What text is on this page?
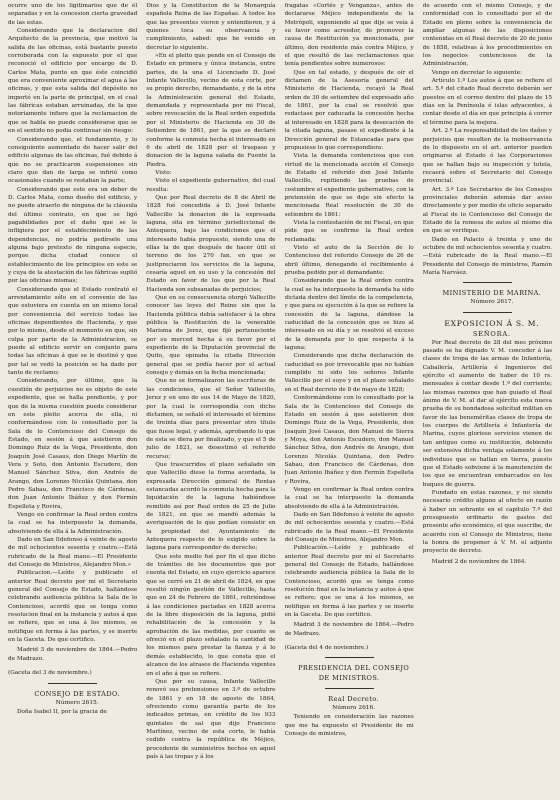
ocurre uno de los ligitimarios que de él separadas y en la concesion cierta gravedad de las estas.

Considerando que la declaracion del Arquitecto de la provincia, que motivó la salida de las oficinas, está bastante puesto corroborada con la expuesto por el que reconoció el edificio por encargo de D. Carlos Mata, punto en que éste coincidió que era conveniente aproximar el agua á las oficinas, y que esta salida del depósito no importó en la parte de principal, en el cual las fábricas estaban arruinadas, de la que notoriamente infiere que la reclamacion de que se habla no puede considerarse que se en el sentido no podia continuar sin riesgo:

Considerando que, el fundamento, y lo consiguiente aumentado de hacer salir del edificio algunas de las oficinas, fué debido á que no se practicaron suspensiones sin claro que dan de larga se infirió como ocasionales cuando se restaban la parte;

Considerando que este era un deber de D. Carlos Mata, como dueño del edificio, y no puede atraerlo de ninguna de la cláusula del último contrato, en que se ligó pagabilidades por el daño que se le infligiera por el establecimiento de las dependencias, no podría pedírsele una alguna bajo pretexto de ninguna especie, porque dicha ciudad conoce el establecimiento de los principios en este se y cuya de la atestación de las fábricas suplió por las oficinas mismas;

Considerando que el Estado contrató el arrendamiento sólo en el convenio de las que estuviera en cuenta en un mismo local por conveniencia del servicio todas las oficinas dependientes de Hacienda, y que por lo mismo, desde el momento en que, sin culpa por parte de la Administracion, se puede al edificio servir en conjunto para todas las oficinas á que se le destinó y que por tal se vedó la posición se ha dado por tanto de reclamo;

Considerando, por último, que la cuestión de perjuicios no es objeto de este expediente, que se halla pendiente, y por que de la misma cuestión puede considerar en este pleito acerca de ella, ni conformándose con lo consultado por la Sala de lo Contencioso del Consejo de Estado, en sesión á que asistieron don Domingo Ruiz de la Vega, Presidente, don Joaquín José Casaus, don Diego Martín de Vera y Soto, don Antonio Escudero, don Manuel Sánchez Silva, don Andrés de Arango, don Lorenzo Nicolás Quintana, don Pedro Sabau, don Francisco de Cárdenas, don Juan Antonio Ibáñez y don Fermín Espelleta y Rovira,

Vengo en confirmar la Real orden contra la cual se ha interpuesto la demanda, absolviendo de ella á la Administración.

Dado en San Ildefonso á veinte de agosto de mil ochocientos sesenta y cuatro.—Está rubricado de la Real mano.—El Presidente del Consejo de Ministros, Alejandro Mon.»

Publicacion.—Leído y publicado el anterior Real decreto por mí el Secretario general del Consejo de Estado, hallándose celebrando audiencia pública la Sala de lo Contencioso, acordó que se tenga como resolucion final en la instancia y autos á que se refiere, que se una á los mismos, se notifique en forma á las partes, y se inserte en la Gaceta. De que certifico.

Madrid 3 de noviembre de 1864.—Pedro de Madrazo.

(Gaceta del 3 de noviembre.)

CONSEJO DE ESTADO.

Número 2615.

Doña Isabel II, por la gracia de

Dios y la Constitucion de la Monarquía española Reina de las Españas. A todos los que las presentes vieren y entendieren, y á quienes toca su observancia y cumplimiento, sabed: que he venido en decretar lo siguiente.

«En el pleito que pende en el Consejo de Estado en primera y única instancia, entre partes, de la una el Licenciado D. José Infante Vallecillo, vecino de esta corte, por su propio derecho, demandante, y de la otra la Administración general del Estado, demandada y representada por mi Fiscal, sobre revocación de la Real orden expedida por el Ministerio de Hacienda en 30 de Setiembre de 1861, por la que se declaró conforme la conmuta hecha el interesado en 6 de abril de 1828 por el traspaso y donacion de la laguna salada de Fuente la Piedra.

Visto:

Visto el expediente gubernativo, del cual resulta:

Que por Real decreto de 8 de Abril de 1828 fué concedida á D. José Infante Vallecillo la donacion de la expresada laguna, sita en término jurisdiccional de Antequera, bajo las condiciones que el interesado había propuesto, siendo una de ellas la de que después de hacer útil el terreno de los 270 fan. en que se justipreciaron los servicios de la laguna, cesaría aquel en su uso y la concesión del Estado en favor de los que por la Real Hacienda son subsanadas de perjuicios;

Que en su consecuencia otorgó Vallecillo conocer las leyes del Reino sin que la Hacienda pública debía satisfacer á la obra pública la Restitución de la venerable Marisma de Jerez, que fijó perteneciente por su merced hecha á su favor por el expediente de la Diputación provincial de Quito, que opinaba la citada Dirección general que se podía hacer por el actual consejo y demás en la fecha mencionada;

Que no se formalizaron las escrituras de las condiciones, que el Señor Vallecillo, Jerez y en uno de sus 14 de Mayo de 1820, por la cual le correspondía con dicho dictamen, se señaló el interesado el término de treinta días para presentar otro título que fuese legal, y además, aprobando lo que de esta se diera por finalizado, y que el 5 de julio de 1821, se desestimó el referido recurso;

Que trascurridos el plazo señalado sin que Vallecillo diese la forma acordada, la expresada Dirección general de Rentas estancadas acordó la conmuta hecha para la liquidación de la laguna habiéndose remitido así por Real orden de 25 de Julio de 1821, en que se mandó además la averiguación de lo que podían consistir en la propiedad del Ayuntamiento de Antequera respecto de lo exigido sobre la laguna para corresponder de derecho;

Que este medio fué por fin el que dicho de trámites de los documentos que por cuenta del Estado, en cuyo ejercicio aparece que se cerró en 21 de abril de 1824, en que resultó ningún gestión de Vallecillo, hasta que en 24 de Febrero de 1861, refiriéndose á las condiciones pactadas en 1828 acerca de la libre disposición de la laguna, pidió rehabilitación de la concesión y la aprobación de las medidas, por cuanto se ofreció en el plazo señalado la cantidad de los mismos para prestar la fianza y á lo demás establecido, lo que consta que el alcance de los atrasos de Hacienda vigentes en el año á que se refiere.

Que por su causa, Infante Vallecillo renovó sus pretensiones en 3.º de octubre de 1861 y en 18 de agosto de 1864, ofreciendo como garantía parte de los indicados primas, en crédito de los 933 quintales de sal que dijo Francisco Martínez, vecino de esta corte, le había cedido contra la república de Méjico, procedente de suministros hechos en aquel país á las tropas y á los

fragatas «Cortés y Venganza», antes de declararse Méjico independiente de la Metrópoli, exponiendo al que dije se veía á su favor como acreedor, de promover la causa de Restitución ya mencionada, por último, don residente más contra Méjico, y el que resultó de las reclamaciones que tenía pendientes sobre numerosos:

Que en tal estado, y después de oír el dictamen de la Asesoría general del Ministerio de Hacienda, recayó la Real orden de 30 de setiembre del expresado año de 1861, por la cual se resolvió que redactase por caducada la concesión hecha al interesado en 1828 para la desecación de la citada laguna, pasase el expediente á la Dirección general de Estancadas para que propusiese lo que correspondiera:

Vista la demanda contenciosa que con virtud de la mencionada acción el Consejo de Estado el referido don José Infante Vallecillo, repitiendo las pruebas de costumbre el expediente gubernativo, con la pretensión de que se deje sin efecto la mencionada Real resolución de 30 de setiembre de 1861:

Vista la contestación de mi Fiscal, en que pide que se confirme la Real orden reclamada:

Visto el auto de la Sección de lo Contencioso del referido Consejo de 26 de abril último, denegando el recibimiento á prueba pedido por el demandante:

Considerando que la Real orden contra la cual se ha interpuesto la demanda ha sido dictada dentro del límite de la competencia, y que para su ejecución á la que se refiere la concesión de la laguna, dándose la caducidad de la concesión que se hizo al interesado en su día y se resolvió el exceso de la demanda por lo que respecta á la laguna;

Considerando que dicha declaración de caducidad es por irrevocable que no habían cumplido ni sido los señores Infante Vallecillo por el suyo y en el plazo señalado en el Real decreto de 8 de mayo de 1828;

Conformándome con lo consultado por la Sala de lo Contencioso del Consejo de Estado en sesión á que asistieron don Domingo Ruiz de la Vega, Presidente, don Joaquín José Casaus, don Manuel de Sierra y Moya, don Antonio Escudero, don Manuel Sánchez Silva, don Andrés de Arango, don Lorenzo Nicolás Quintana, don Pedro Sabau, don Francisco de Cárdenas, don Juan Antonio Ibáñez y don Fermín Espelleta y Rovira,

Vengo en confirmar la Real orden contra la cual se ha interpuesto la demanda absolviendo de ella á la Administración.

Dado en San Ildefonso á veinte de agosto de mil ochocientos sesenta y cuatro.—Está rubricado de la Real mano.—El Presidente del Consejo de Ministros, Alejandro Mon.

Publicación.—Leído y publicado el anterior Real decreto por mí el Secretario general del Consejo de Estado, hallándose celebrando audiencia pública la Sala de lo Contencioso, acordó que se tenga como resolución final en la instancia y autos á que se refiere; que se una á los mismos, se notifique en forma á las partes y se inserte en la Gaceta. De que certifico.

Madrid 3 de noviembre de 1864.—Pedro de Madrazo.

(Gaceta del 4 de noviembre.)

PRESIDENCIA DEL CONSEJO DE MINISTROS.

Real Decreto.

Número 2616.

Teniendo en consideración las razones que me ha expuesto el Presidente de mi Consejo de ministros,

de acuerdo con el mismo Consejo, y de conformidad con lo consultado por el de Estado en pleno sobre la conveniencia de ampliar algunas de las disposiciones contenidas en el Real decreto de 20 de junio de 1858, relativas á los procedimientos en los negocios contenciosos de la Administración,

Vengo en decretar lo siguiente:

Artículo 1.º Los autos á que se refiere el art. 5.º del citado Real decreto deberán ser puestos en el correo dentro del plazo de 15 días en la Península é islas adyacentes, á contar desde el día en que principia á correr el término para la mejora.

Art. 2.º La responsabilidad de los daños y perjuicios que resulten de la inobservancia de lo dispuesto en el art. anterior pueden originarse al Estado ó las Corporaciones que se hallan bajo su inspección y tutela, recaerá sobre el Secretario del Consejo provincial.

Art. 3.º Los Secretarios de los Consejos provinciales deberán además dar aviso directamente y por medio de oficio separado al Fiscal de lo Contencioso del Consejo de Estado de la remesa de autos al mismo día en que se verifique.

Dado en Palacio á treinta y uno de octubre de mil ochocientos sesenta y cuatro.—Está rubricado de la Real mano.—El Presidente del Consejo de ministros, Ramón María Narváez.

MINISTERIO DE MARINA.

Número 2617.

EXPOSICION Á S. M.

SEÑORA.

Por Real decreto de 28 del mes próximo pasado se ha dignado V. M. conceder á las clases de tropa de las armas de Infantería, Caballería, Artillería é Ingenieros del ejército el aumento de haber de 10 rs. mensuales á contar desde 1.º del corriente; las mismas razones que han guiado el Real ánimo de V. M. al dar al ejército esta nueva prueba de su bondadosa solicitud militan en favor de las beneméritas clases de tropa de los cuerpos de Artillería é Infantería de Marina, cuyos glorioso servicios vienen de tan antiguo como su institución, debiendo ser extensiva dicha ventaja solamente á los individuos que se hallan en tierra, puesto que el Estado sobviene á la manutención de los que se encuentran embarcados en los buques de guerra.

Fundado en estas razones, y no siendo necesario crédito alguno al efecto en razón á haber un sobrante en el capítulo 7.º del presupuesto ordinario de gastos del presente año económico, el que suscribe, de acuerdo con el Consejo de Ministros, tiene la honra de proponer á V. M. el adjunto proyecto de decreto.

Madrid 2 de noviembre de 1864.
